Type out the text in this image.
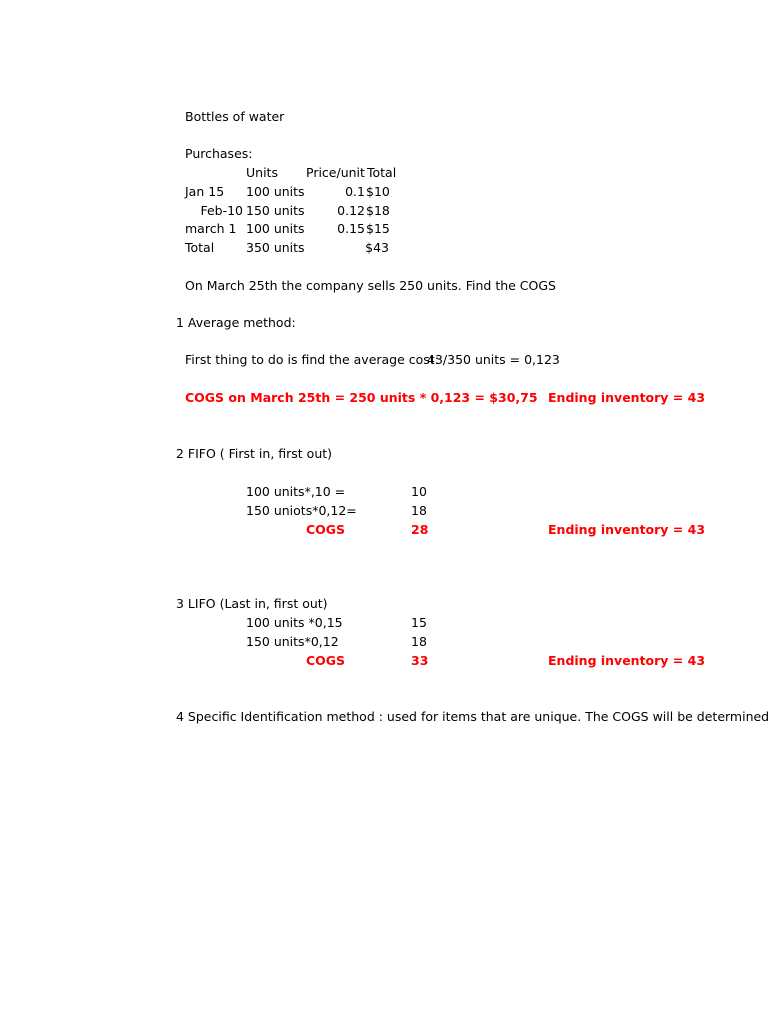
Bottles of water
Purchases:
Units Price/unit Total
Jan 15 100 units	0.1 $10
Feb-10 150 units	0.12 $18
march 1 100 units	0.15 $15
Total	350 units	$43
On March 25th the company sells 250 units. Find the COGS
1 Average method:
First thing to do is find the average cost:
43/350 units = 0,123
COGS on March 25th = 250 units * 0,123 = $30,75 Ending inventory = 43
2 FIFO ( First in, first out)
100 units*,10 =	10
150 uniots*0,12=	18
COGS	28	Ending inventory = 43
3 LIFO (Last in, first out)
100 units *0,15	15
150 units*0,12	18
COGS	33	Ending inventory = 43
4 Specific Identification method : used for items that are unique. The COGS will be determined
